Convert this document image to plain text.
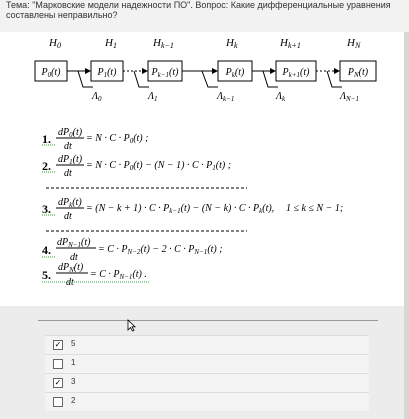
Тема: "Марковские модели надежности ПО". Вопрос: Какие дифференциальные уравнения составлены неправильно?
H0	H1	Hk−1	Hk	Hk+1	HN
$P_0(t)$	$P_1(t)$	$P_{k-1}(t)$	$P_k(t)$	$P_{k+1}(t)$	$P_N(t)$
$\Lambda_0$	$\Lambda_1$	$\Lambda_{k-1}$	$\Lambda_k$	$\Lambda_{N-1}$
1. $dP_0(t)$
dt
= $N \cdot C \cdot P_0(t)$ ;
2. $dP_1(t)$
dt
= $N \cdot C \cdot P_0(t) - (N - 1) \cdot C \cdot P_1(t)$ ;
3. $dP_k(t)$
dt
= $(N - k + 1) \cdot C \cdot P_{k-1}(t) - (N - k) \cdot C \cdot P_k(t)$, 1 ≤ k ≤ N − 1;
4.
$dP_{N-1}(t)$
dt
= $C \cdot P_{N-2}(t) - 2 \cdot C \cdot P_{N-1}(t)$ ;
5.
$dP_N(t)$
dt
= $C \cdot P_{N-1}(t)$ .
✓ 5
1
✓ 3
2
